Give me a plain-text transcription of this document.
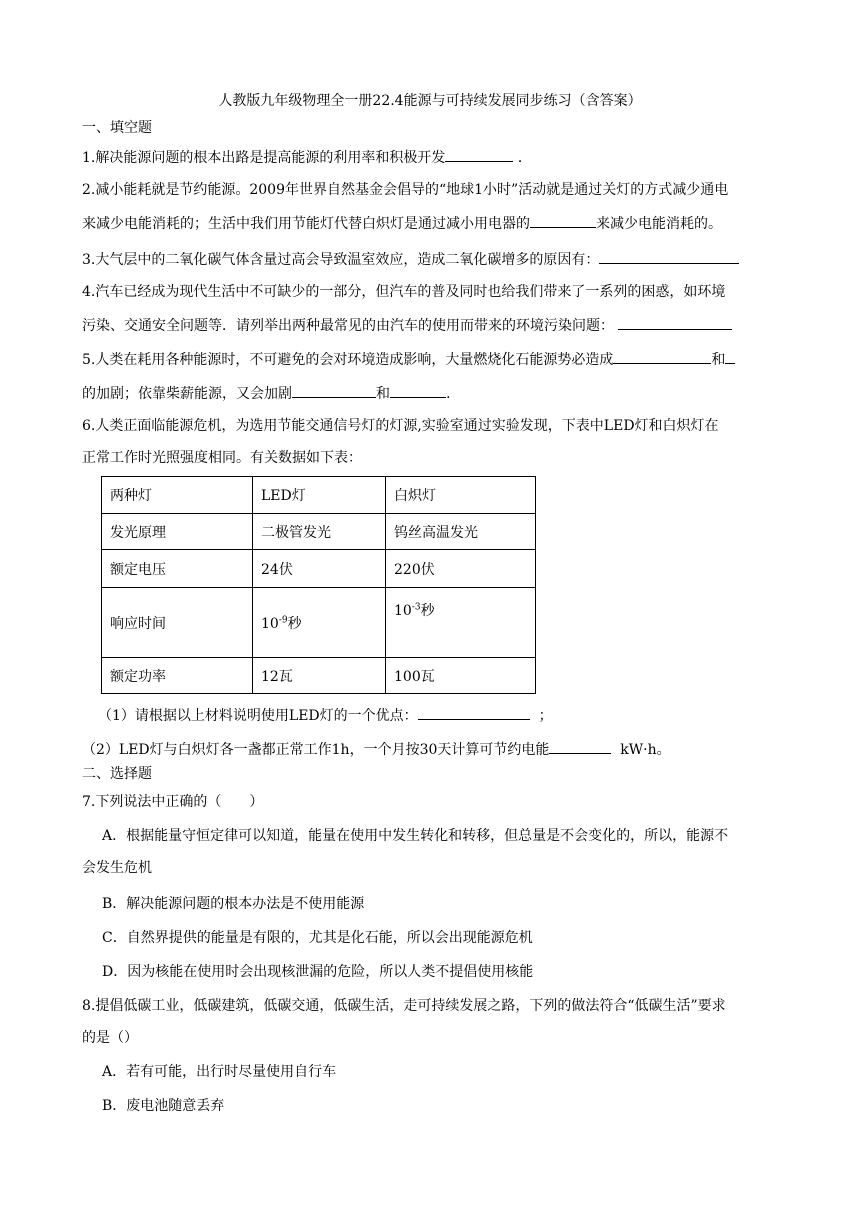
人教版九年级物理全一册22.4能源与可持续发展同步练习（含答案）
一、填空题
1.解决能源问题的根本出路是提高能源的利用率和积极开发	．
2.减小能耗就是节约能源。2009年世界自然基金会倡导的“地球1小时”活动就是通过关灯的方式减少通电
来减少电能消耗的；生活中我们用节能灯代替白炽灯是通过减小用电器的	来减少电能消耗的。
3.大气层中的二氧化碳气体含量过高会导致温室效应，造成二氧化碳增多的原因有：
4.汽车已经成为现代生活中不可缺少的一部分，但汽车的普及同时也给我们带来了一系列的困惑，如环境
污染、交通安全问题等．请列举出两种最常见的由汽车的使用而带来的环境污染问题：
5.人类在耗用各种能源时，不可避免的会对环境造成影响，大量燃烧化石能源势必造成	和
的加剧；依靠柴薪能源，又会加剧	和	.
6.人类正面临能源危机，为选用节能交通信号灯的灯源,实验室通过实验发现，下表中LED灯和白炽灯在
正常工作时光照强度相同。有关数据如下表：
两种灯	LED灯	白炽灯
发光原理	二极管发光	钨丝高温发光
额定电压	24伏	220伏
响应时间	$10^{-9}$秒	$10^{-3}$秒
额定功率	12瓦	100瓦
（1）请根据以上材料说明使用LED灯的一个优点：	；
（2）LED灯与白炽灯各一盏都正常工作1h，一个月按30天计算可节约电能	kW·h。
二、选择题
7.下列说法中正确的（　　）
A．根据能量守恒定律可以知道，能量在使用中发生转化和转移，但总量是不会变化的，所以，能源不
会发生危机
B．解决能源问题的根本办法是不使用能源
C．自然界提供的能量是有限的，尤其是化石能，所以会出现能源危机
D．因为核能在使用时会出现核泄漏的危险，所以人类不提倡使用核能
8.提倡低碳工业，低碳建筑，低碳交通，低碳生活，走可持续发展之路，下列的做法符合“低碳生活”要求
的是（）
A．若有可能，出行时尽量使用自行车
B．废电池随意丢弃
